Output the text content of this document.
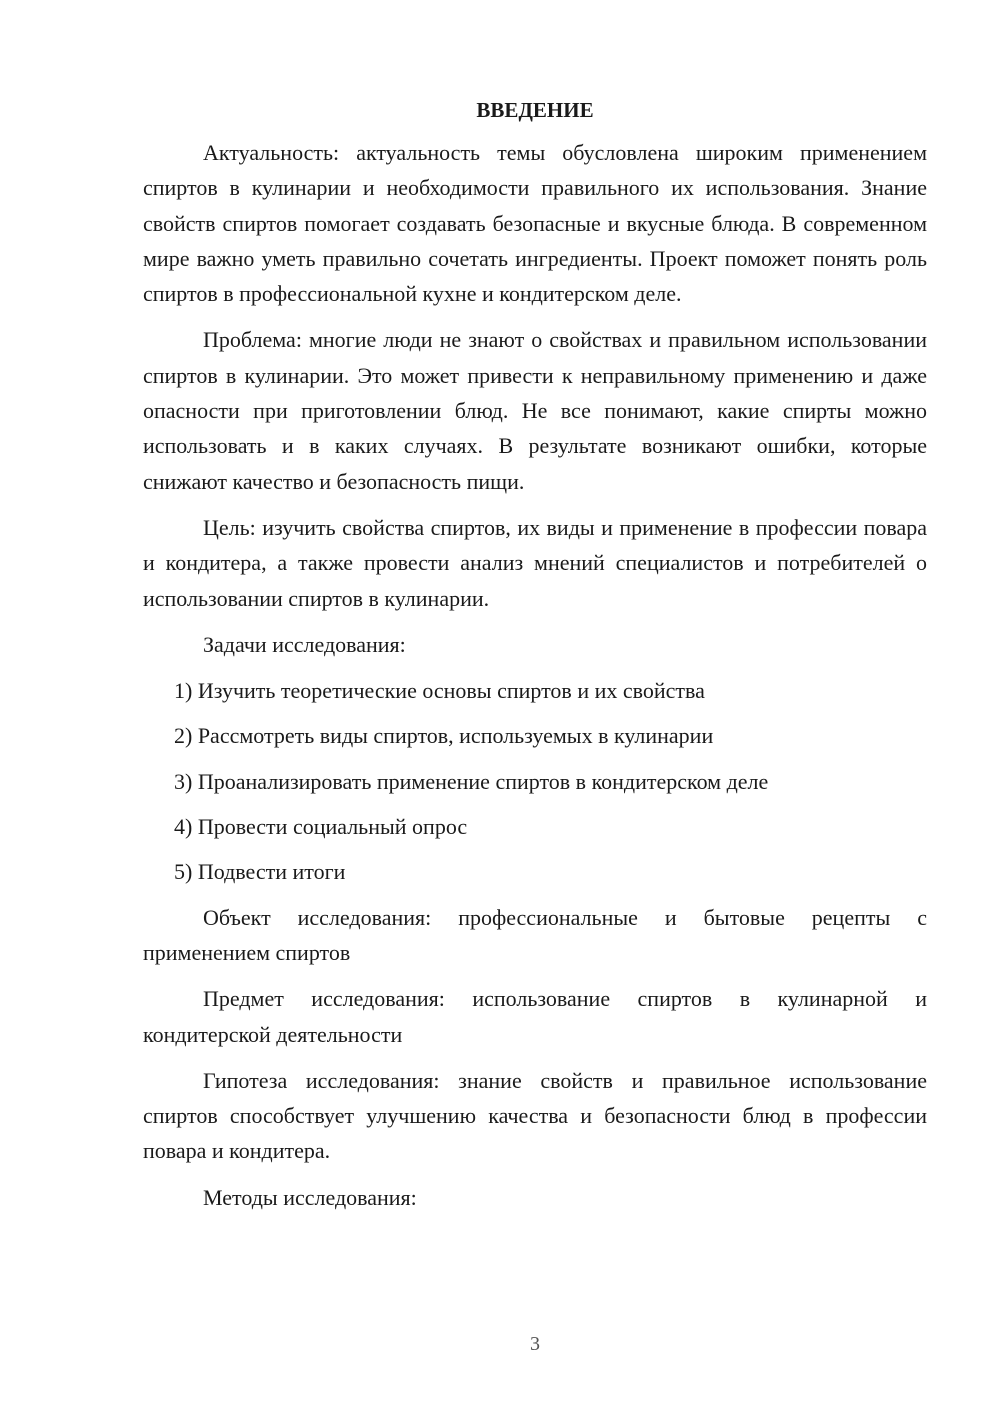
ВВЕДЕНИЕ

Актуальность: актуальность темы обусловлена широким применением спиртов в кулинарии и необходимости правильного их использования. Знание свойств спиртов помогает создавать безопасные и вкусные блюда. В современном мире важно уметь правильно сочетать ингредиенты. Проект поможет понять роль спиртов в профессиональной кухне и кондитерском деле.

Проблема: многие люди не знают о свойствах и правильном использовании спиртов в кулинарии. Это может привести к неправильному применению и даже опасности при приготовлении блюд. Не все понимают, какие спирты можно использовать и в каких случаях. В результате возникают ошибки, которые снижают качество и безопасность пищи.

Цель: изучить свойства спиртов, их виды и применение в профессии повара и кондитера, а также провести анализ мнений специалистов и потребителей о использовании спиртов в кулинарии.

Задачи исследования:

1) Изучить теоретические основы спиртов и их свойства
2) Рассмотреть виды спиртов, используемых в кулинарии
3) Проанализировать применение спиртов в кондитерском деле
4) Провести социальный опрос
5) Подвести итоги

Объект исследования: профессиональные и бытовые рецепты с применением спиртов

Предмет исследования: использование спиртов в кулинарной и кондитерской деятельности

Гипотеза исследования: знание свойств и правильное использование спиртов способствует улучшению качества и безопасности блюд в профессии повара и кондитера.

Методы исследования:

3
